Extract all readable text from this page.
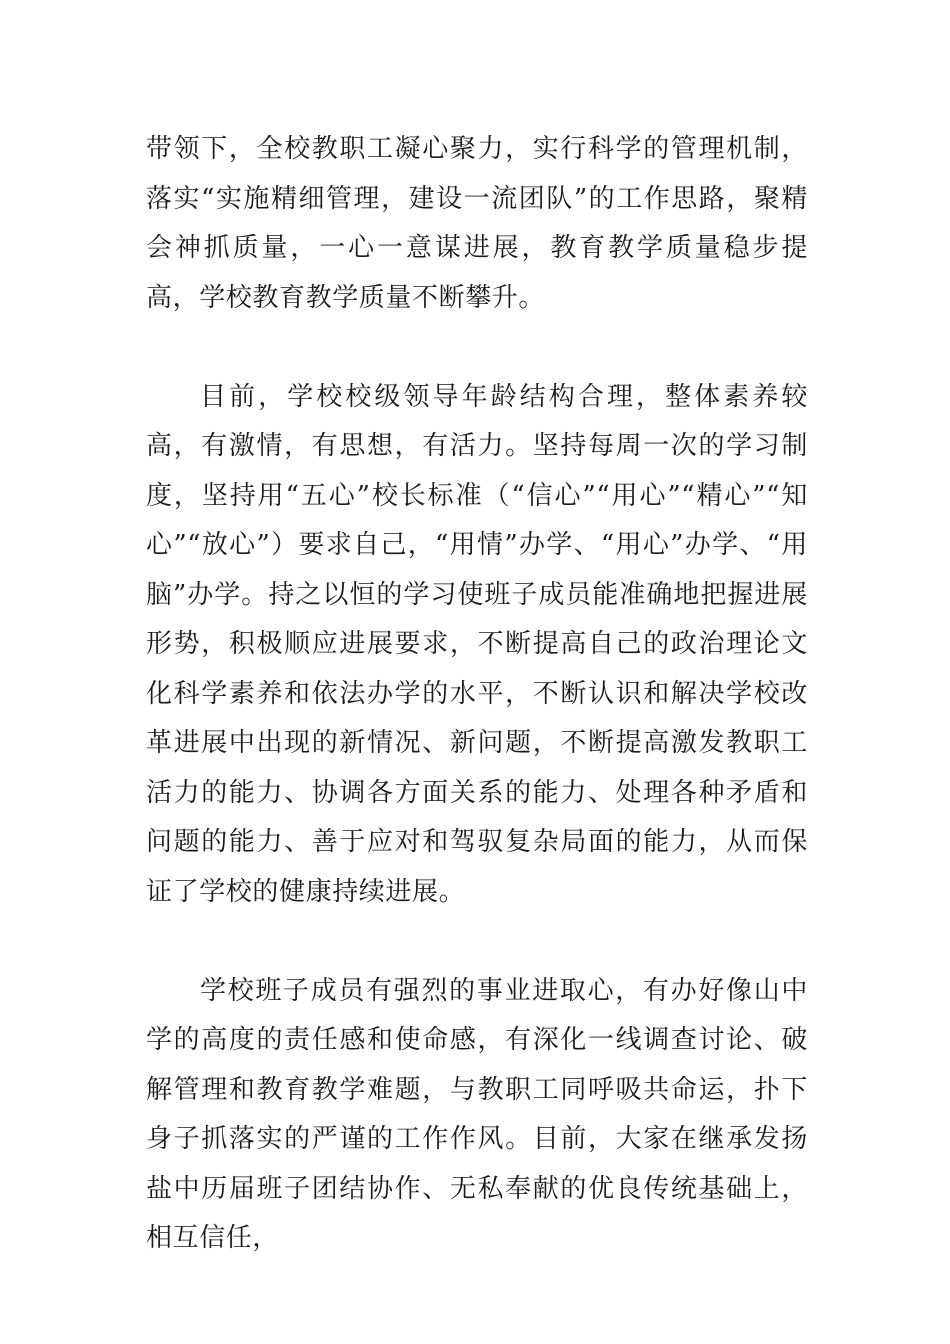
带领下，全校教职工凝心聚力，实行科学的管理机制，落实“实施精细管理，建设一流团队”的工作思路，聚精会神抓质量，一心一意谋进展，教育教学质量稳步提高，学校教育教学质量不断攀升。

目前，学校校级领导年龄结构合理，整体素养较高，有激情，有思想，有活力。坚持每周一次的学习制度，坚持用“五心”校长标准（“信心”“用心”“精心”“知心”“放心”）要求自己，“用情”办学、“用心”办学、“用脑”办学。持之以恒的学习使班子成员能准确地把握进展形势，积极顺应进展要求，不断提高自己的政治理论文化科学素养和依法办学的水平，不断认识和解决学校改革进展中出现的新情况、新问题，不断提高激发教职工活力的能力、协调各方面关系的能力、处理各种矛盾和问题的能力、善于应对和驾驭复杂局面的能力，从而保证了学校的健康持续进展。

学校班子成员有强烈的事业进取心，有办好像山中学的高度的责任感和使命感，有深化一线调查讨论、破解管理和教育教学难题，与教职工同呼吸共命运，扑下身子抓落实的严谨的工作作风。目前，大家在继承发扬盐中历届班子团结协作、无私奉献的优良传统基础上，相互信任，
